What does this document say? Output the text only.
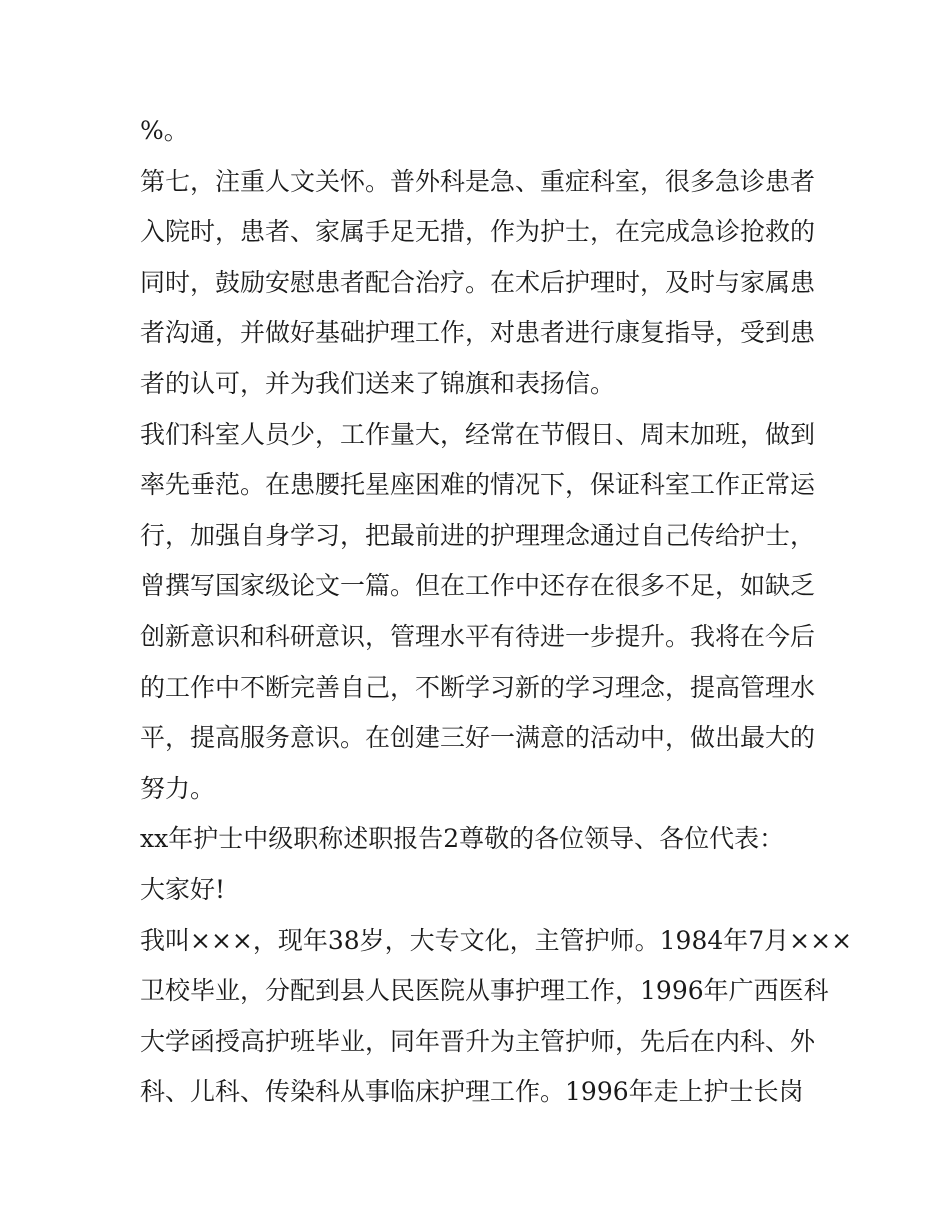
%。
第七，注重人文关怀。普外科是急、重症科室，很多急诊患者
入院时，患者、家属手足无措，作为护士，在完成急诊抢救的
同时，鼓励安慰患者配合治疗。在术后护理时，及时与家属患
者沟通，并做好基础护理工作，对患者进行康复指导，受到患
者的认可，并为我们送来了锦旗和表扬信。
我们科室人员少，工作量大，经常在节假日、周末加班，做到
率先垂范。在患腰托星座困难的情况下，保证科室工作正常运
行，加强自身学习，把最前进的护理理念通过自己传给护士，
曾撰写国家级论文一篇。但在工作中还存在很多不足，如缺乏
创新意识和科研意识，管理水平有待进一步提升。我将在今后
的工作中不断完善自己，不断学习新的学习理念，提高管理水
平，提高服务意识。在创建三好一满意的活动中，做出最大的
努力。
xx年护士中级职称述职报告2尊敬的各位领导、各位代表：
大家好!
我叫×××，现年38岁，大专文化，主管护师。1984年7月×××
卫校毕业，分配到县人民医院从事护理工作，1996年广西医科
大学函授高护班毕业，同年晋升为主管护师，先后在内科、外
科、儿科、传染科从事临床护理工作。1996年走上护士长岗
